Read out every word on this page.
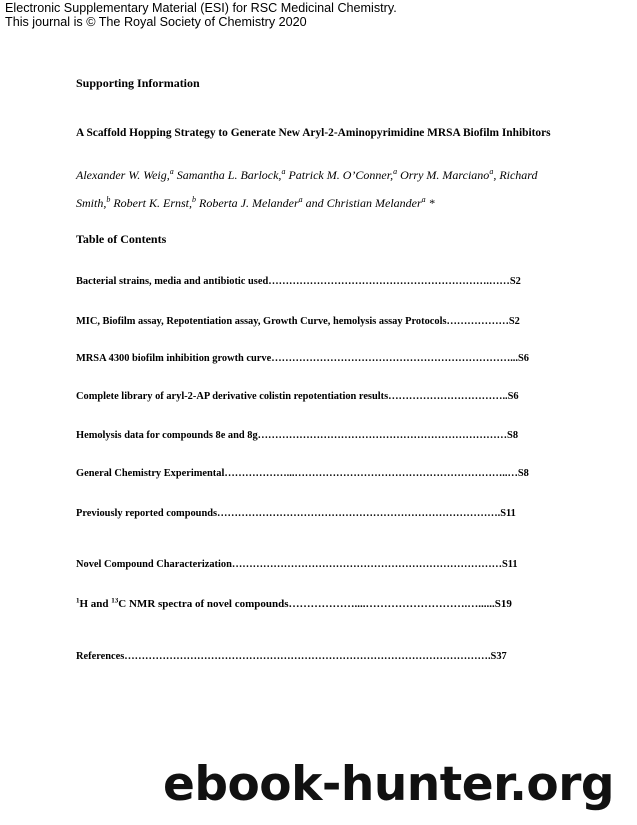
Electronic Supplementary Material (ESI) for RSC Medicinal Chemistry.
This journal is © The Royal Society of Chemistry 2020
Supporting Information
A Scaffold Hopping Strategy to Generate New Aryl-2-Aminopyrimidine MRSA Biofilm Inhibitors
Alexander W. Weig,$^a$ Samantha L. Barlock,$^a$ Patrick M. O’Conner,$^a$ Orry M. Marciano$^a$, Richard Smith,$^b$ Robert K. Ernst,$^b$ Roberta J. Melander$^a$ and Christian Melander$^a$ *
Table of Contents
Bacterial strains, media and antibiotic used……………………………………………………….……S2
MIC, Biofilm assay, Repotentiation assay, Growth Curve, hemolysis assay Protocols………………S2
MRSA 4300 biofilm inhibition growth curve……………………………………………………………...S6
Complete library of aryl-2-AP derivative colistin repotentiation results……………………………..S6
Hemolysis data for compounds 8e and 8g………………………………………………………………S8
General Chemistry Experimental………………...……………………………………………………..…S8
Previously reported compounds……………………………………………………………………….S11
Novel Compound Characterization……………………………………………………………………S11
$^1$H and $^{13}$C NMR spectra of novel compounds………………....……………………….…......S19
References…………………………………………………………………………………………….S37
ebook-hunter.org
